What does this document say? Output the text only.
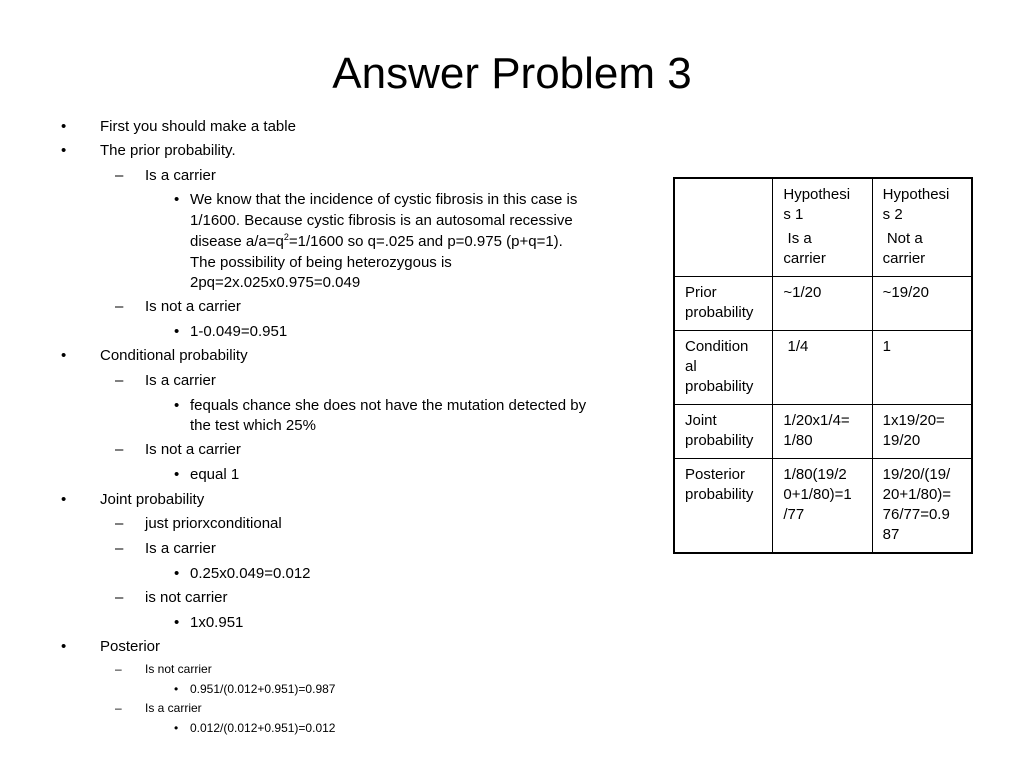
Answer Problem 3
• First you should make a table
• The prior probability.
– Is a carrier
• We know that the incidence of cystic fibrosis in this case is
1/1600. Because cystic fibrosis is an autosomal recessive
disease $a/a=q^2=1/1600$ so q=.025 and p=0.975 (p+q=1).
The possibility of being heterozygous is
2pq=2x.025x0.975=0.049
– Is not a carrier
• 1-0.049=0.951
• Conditional probability
– Is a carrier
• fequals chance she does not have the mutation detected by
the test which 25%
– Is not a carrier
• equal 1
• Joint probability
– just priorxconditional
– Is a carrier
• 0.25x0.049=0.012
– is not carrier
• 1x0.951
• Posterior
– Is not carrier
• 0.951/(0.012+0.951)=0.987
– Is a carrier
• 0.012/(0.012+0.951)=0.012

	Hypothesi
s 1
Is a
carrier	Hypothesi
s 2
Not a
carrier

Prior
probability	~1/20	~19/20

Condition
al
probability	1/4	1

Joint
probability	1/20x1/4=
1/80	1x19/20=
19/20

Posterior
probability	1/80(19/2
0+1/80)=1
/77	19/20/(19/
20+1/80)=
76/77=0.9
87
